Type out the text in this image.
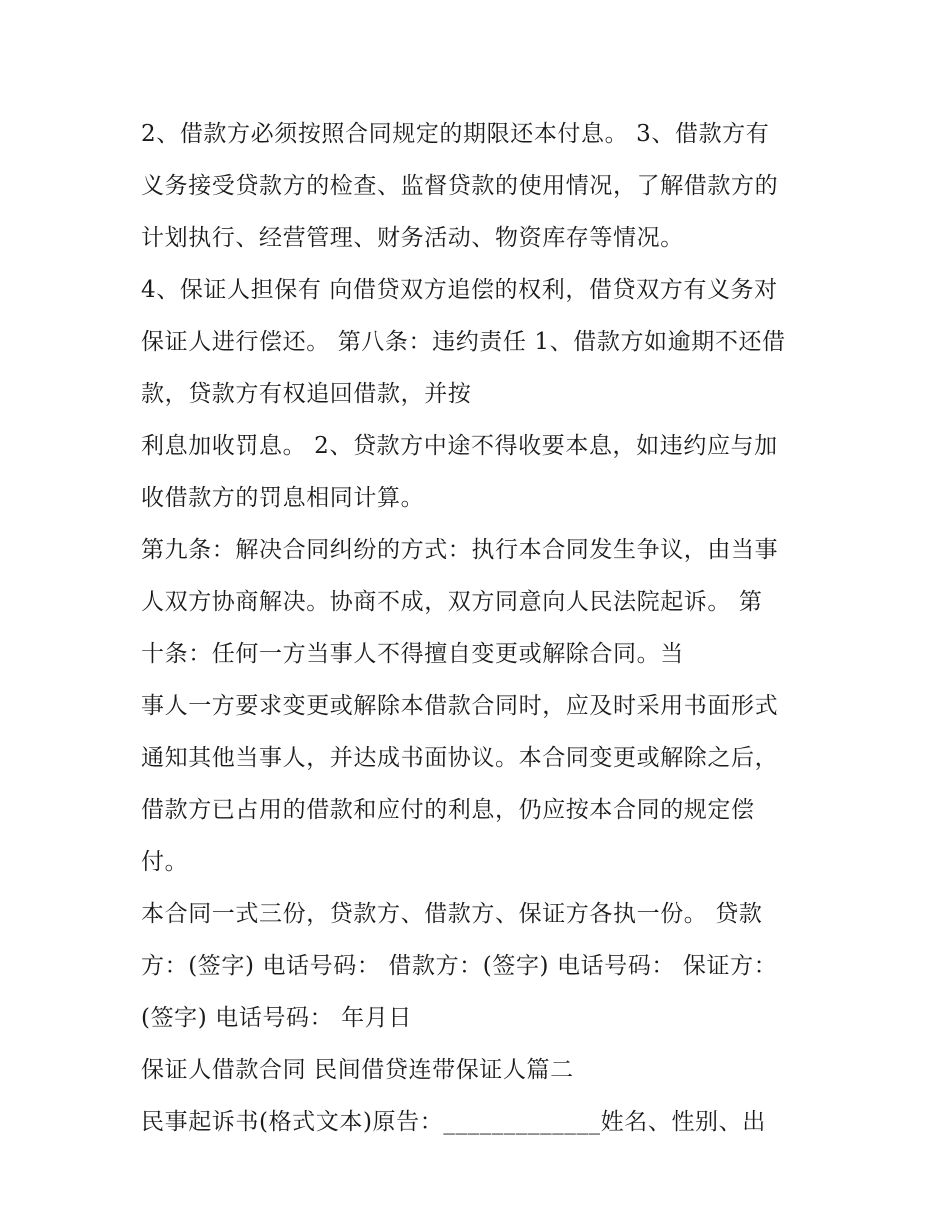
2、借款方必须按照合同规定的期限还本付息。 3、借款方有
义务接受贷款方的检查、监督贷款的使用情况，了解借款方的
计划执行、经营管理、财务活动、物资库存等情况。
4、保证人担保有 向借贷双方追偿的权利，借贷双方有义务对
保证人进行偿还。 第八条：违约责任 1、借款方如逾期不还借
款，贷款方有权追回借款，并按
利息加收罚息。 2、贷款方中途不得收要本息，如违约应与加
收借款方的罚息相同计算。
第九条：解决合同纠纷的方式：执行本合同发生争议，由当事
人双方协商解决。协商不成，双方同意向人民法院起诉。 第
十条：任何一方当事人不得擅自变更或解除合同。当
事人一方要求变更或解除本借款合同时，应及时采用书面形式
通知其他当事人，并达成书面协议。本合同变更或解除之后，
借款方已占用的借款和应付的利息，仍应按本合同的规定偿
付。
本合同一式三份，贷款方、借款方、保证方各执一份。 贷款
方：(签字) 电话号码： 借款方：(签字) 电话号码： 保证方：
(签字) 电话号码： 年月日
保证人借款合同 民间借贷连带保证人篇二
民事起诉书(格式文本)原告：_____________姓名、性别、出
